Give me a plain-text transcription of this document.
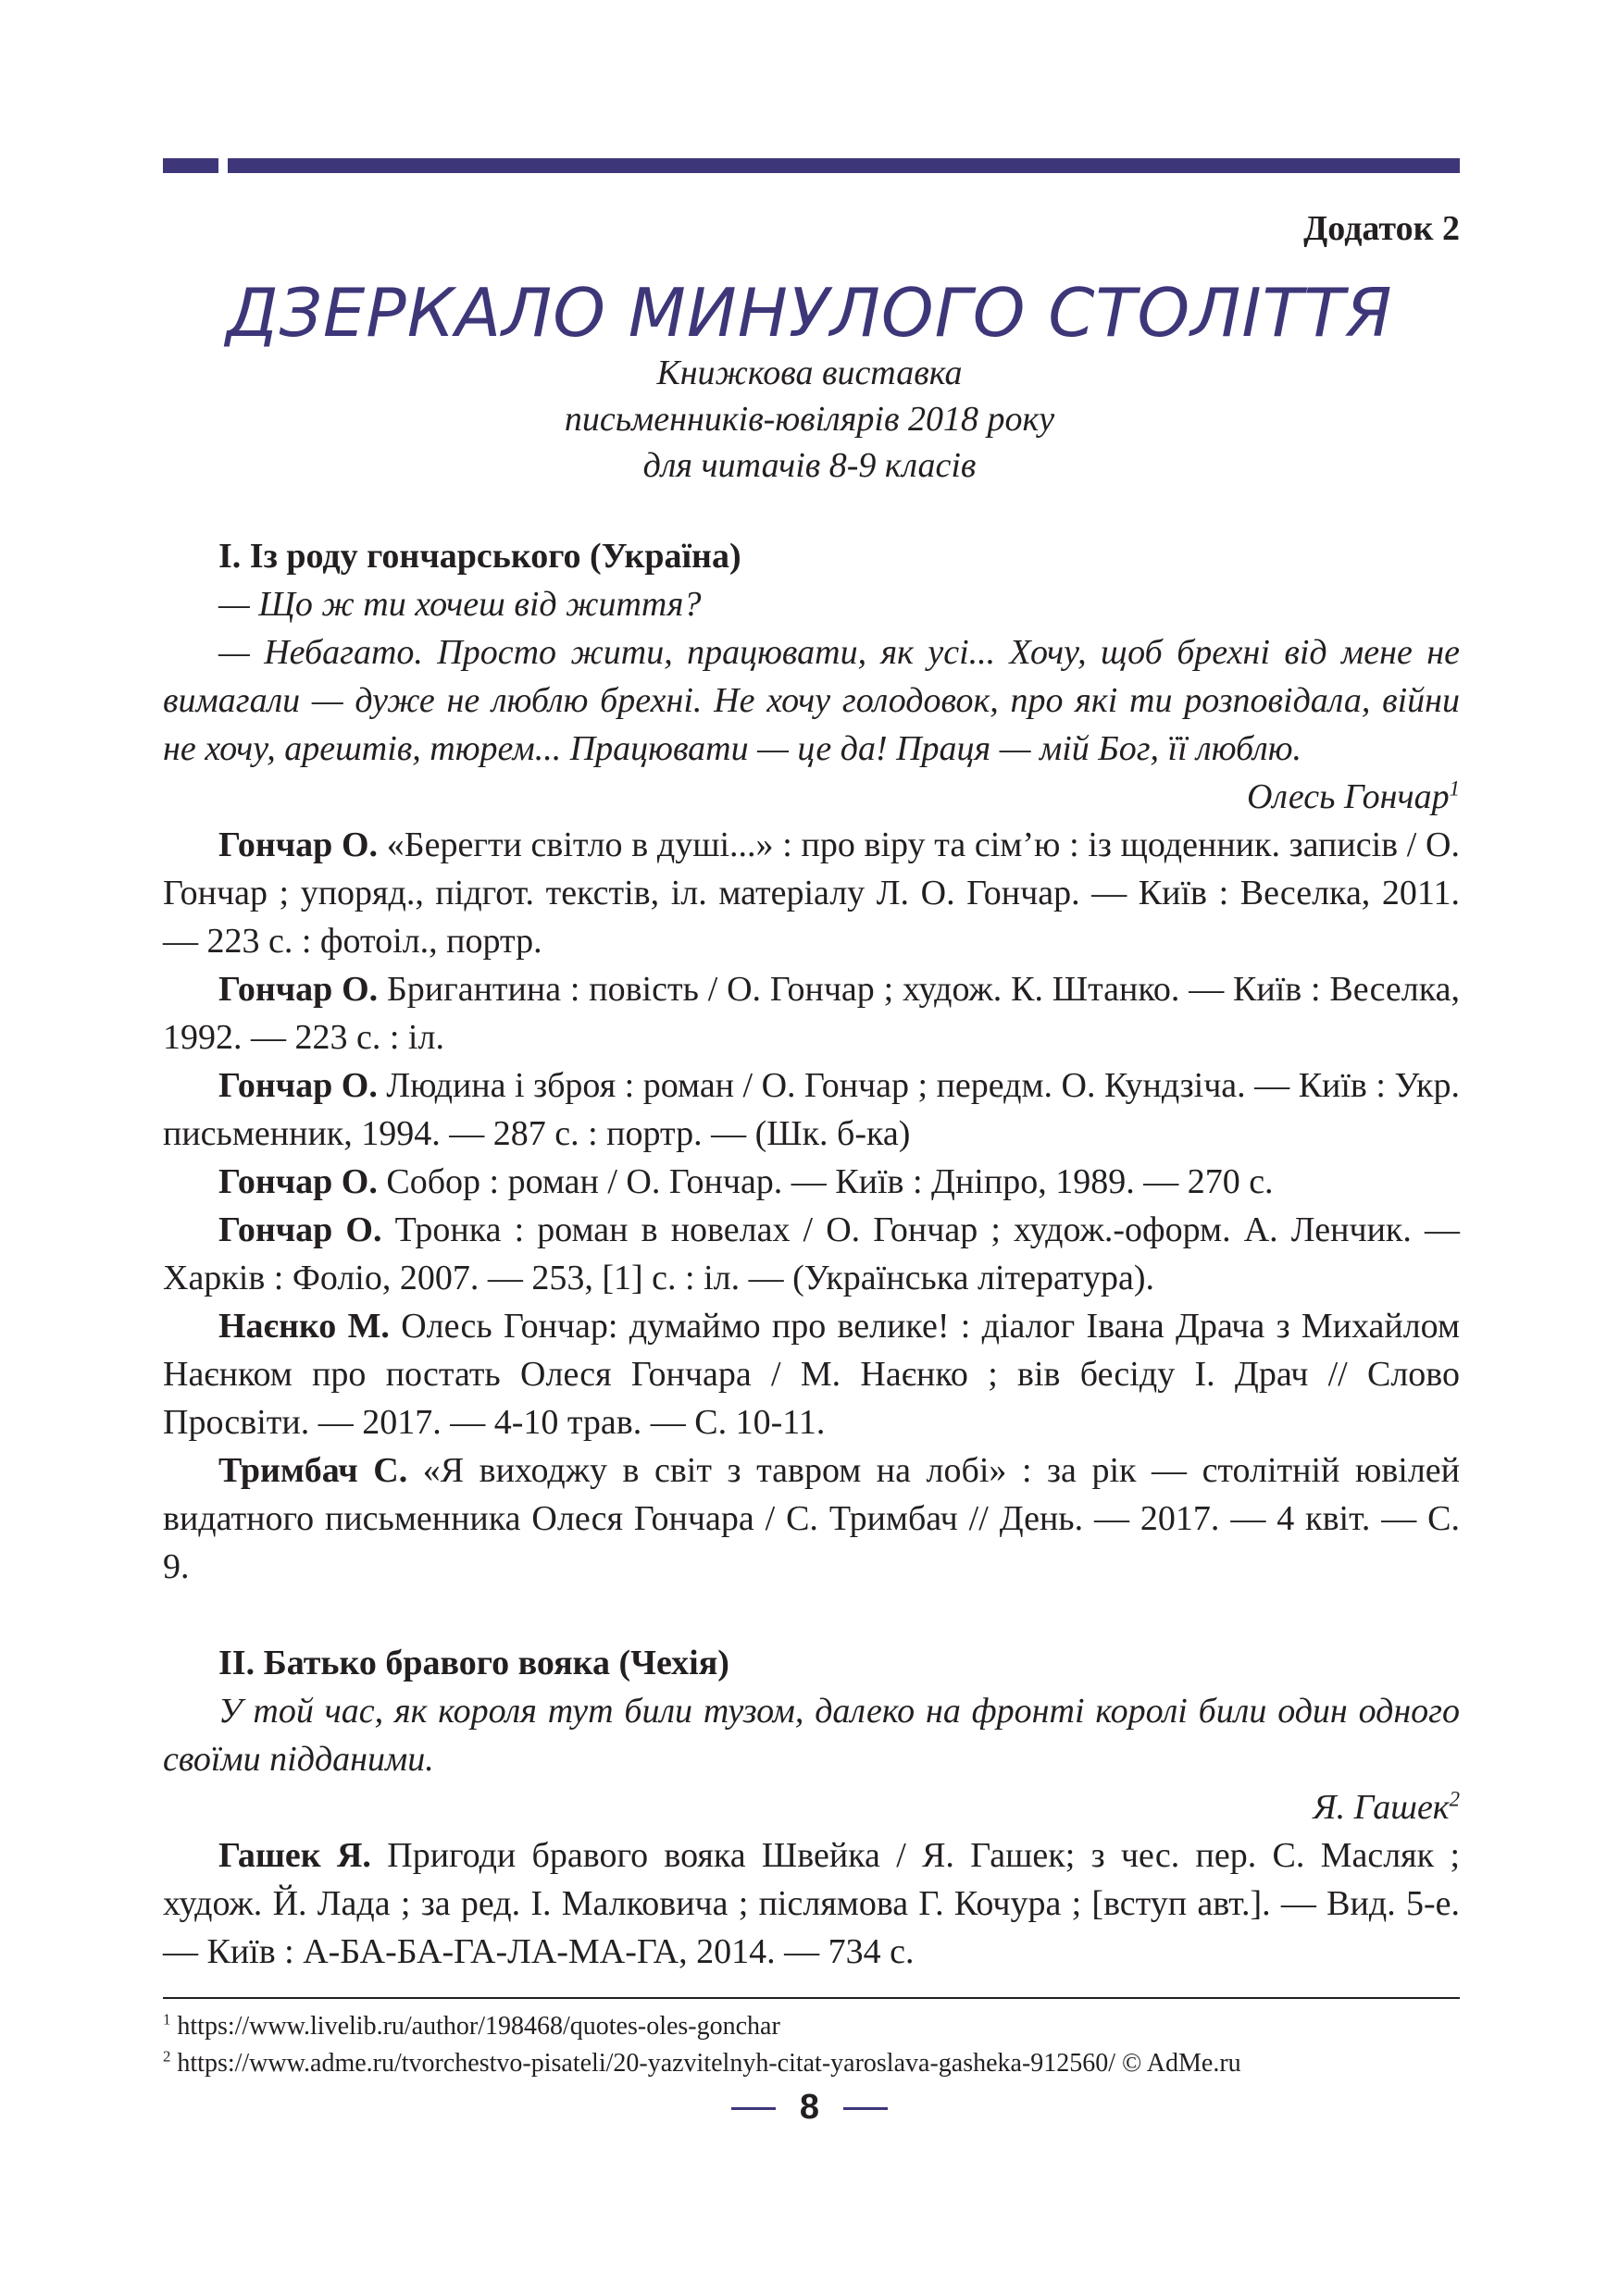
Додаток 2
ДЗЕРКАЛО МИНУЛОГО СТОЛІТТЯ
Книжкова виставка
письменників-ювілярів 2018 року
для читачів 8-9 класів

І. Із роду гончарського (Україна)

— Що ж ти хочеш від життя?

— Небагато. Просто жити, працювати, як усі... Хочу, щоб брехні від мене не вимагали — дуже не люблю брехні. Не хочу голодовок, про які ти розповідала, війни не хочу, арештів, тюрем... Працювати — це да! Праця — мій Бог, її люблю.

Олесь Гончар$^1$

Гончар О. «Берегти світло в душі...» : про віру та сім’ю : із щоденник. записів / О. Гончар ; упоряд., підгот. текстів, іл. матеріалу Л. О. Гончар. — Київ : Веселка, 2011. — 223 с. : фотоіл., портр.

Гончар О. Бригантина : повість / О. Гончар ; худож. К. Штанко. — Київ : Веселка, 1992. — 223 с. : іл.

Гончар О. Людина і зброя : роман / О. Гончар ; передм. О. Кундзіча. — Київ : Укр. письменник, 1994. — 287 с. : портр. — (Шк. б-ка)

Гончар О. Собор : роман / О. Гончар. — Київ : Дніпро, 1989. — 270 с.

Гончар О. Тронка : роман в новелах / О. Гончар ; худож.-оформ. А. Ленчик. — Харків : Фоліо, 2007. — 253, [1] с. : іл. — (Українська література).

Наєнко М. Олесь Гончар: думаймо про велике! : діалог Івана Драча з Михайлом Наєнком про постать Олеся Гончара / М. Наєнко ; вів бесіду І. Драч // Слово Просвіти. — 2017. — 4-10 трав. — С. 10-11.

Тримбач С. «Я виходжу в світ з тавром на лобі» : за рік — столітній ювілей видатного письменника Олеся Гончара / С. Тримбач // День. — 2017. — 4 квіт. — С. 9.

ІІ. Батько бравого вояка (Чехія)

У той час, як короля тут били тузом, далеко на фронті королі били один одного своїми підданими.

Я. Гашек$^2$

Гашек Я. Пригоди бравого вояка Швейка / Я. Гашек; з чес. пер. С. Масляк ; худож. Й. Лада ; за ред. І. Малковича ; післямова Г. Кочура ; [вступ авт.]. — Вид. 5-е. — Київ : А-БА-БА-ГА-ЛА-МА-ГА, 2014. — 734 с.

$^1$ https://www.livelib.ru/author/198468/quotes-oles-gonchar
$^2$ https://www.adme.ru/tvorchestvo-pisateli/20-yazvitelnyh-citat-yaroslava-gasheka-912560/ © AdMe.ru
8
